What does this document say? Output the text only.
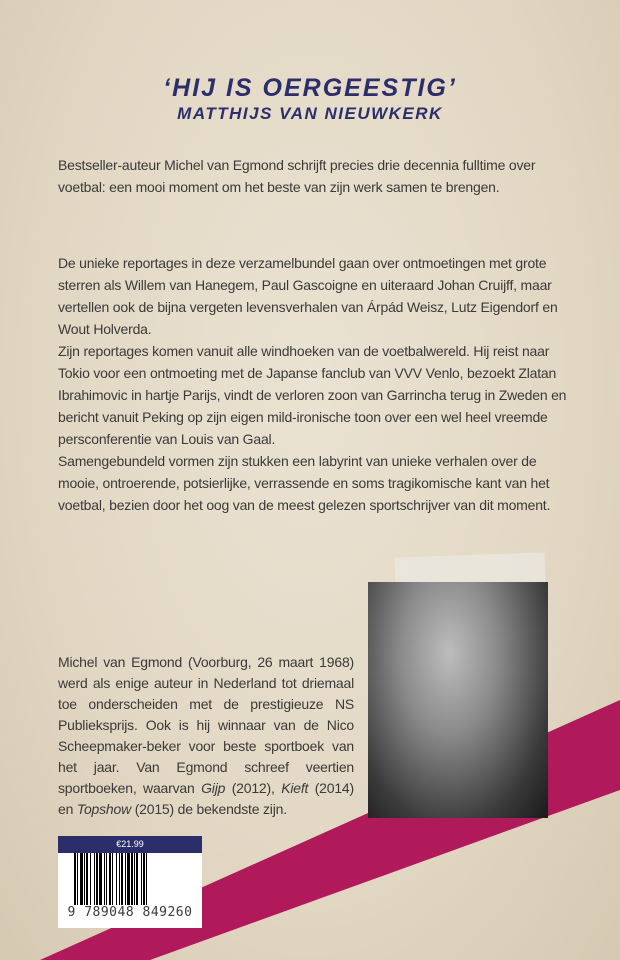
‘HIJ IS OERGEESTIG’
MATTHIJS VAN NIEUWKERK

Bestseller-auteur Michel van Egmond schrijft precies drie decennia fulltime over voetbal: een mooi moment om het beste van zijn werk samen te brengen.

De unieke reportages in deze verzamelbundel gaan over ontmoetingen met grote sterren als Willem van Hanegem, Paul Gascoigne en uiteraard Johan Cruijff, maar vertellen ook de bijna vergeten levensverhalen van Árpád Weisz, Lutz Eigendorf en Wout Holverda.

Zijn reportages komen vanuit alle windhoeken van de voetbalwereld. Hij reist naar Tokio voor een ontmoeting met de Japanse fanclub van VVV Venlo, bezoekt Zlatan Ibrahimovic in hartje Parijs, vindt de verloren zoon van Garrincha terug in Zweden en bericht vanuit Peking op zijn eigen mild-ironische toon over een wel heel vreemde persconferentie van Louis van Gaal.

Samengebundeld vormen zijn stukken een labyrint van unieke verhalen over de mooie, ontroerende, potsierlijke, verrassende en soms tragikomische kant van het voetbal, bezien door het oog van de meest gelezen sportschrijver van dit moment.

Michel van Egmond (Voorburg, 26 maart 1968) werd als enige auteur in Nederland tot driemaal toe onderscheiden met de prestigieuze NS Publieksprijs. Ook is hij winnaar van de Nico Scheepmaker-beker voor beste sportboek van het jaar. Van Egmond schreef veertien sportboeken, waarvan Gijp (2012), Kieft (2014) en Topshow (2015) de bekendste zijn.
€21.99
9 789048 849260
